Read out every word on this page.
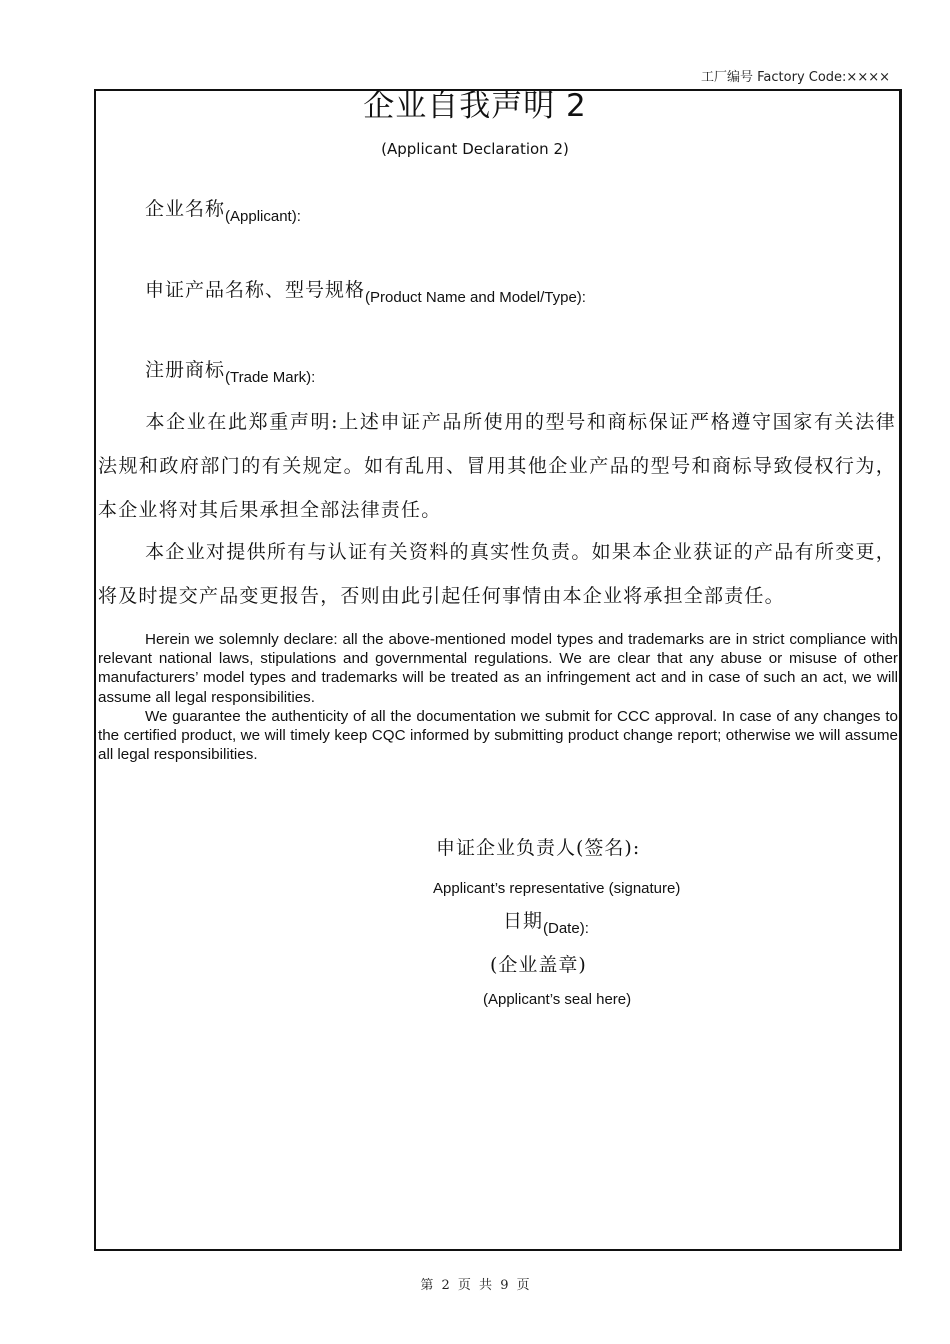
工厂编号 Factory Code:××××
企业自我声明 2
(Applicant Declaration 2)
企业名称$_{(Applicant):}$
申证产品名称、型号规格$_{(Product Name and Model/Type):}$
注册商标$_{(Trade Mark):}$
本企业在此郑重声明:上述申证产品所使用的型号和商标保证严格遵守国家有关法律法规和政府部门的有关规定。如有乱用、冒用其他企业产品的型号和商标导致侵权行为，本企业将对其后果承担全部法律责任。
本企业对提供所有与认证有关资料的真实性负责。如果本企业获证的产品有所变更，将及时提交产品变更报告，否则由此引起任何事情由本企业将承担全部责任。

Herein we solemnly declare: all the above-mentioned model types and trademarks are in strict compliance with relevant national laws, stipulations and governmental regulations. We are clear that any abuse or misuse of other manufacturers’ model types and trademarks will be treated as an infringement act and in case of such an act, we will assume all legal responsibilities.

We guarantee the authenticity of all the documentation we submit for CCC approval. In case of any changes to the certified product, we will timely keep CQC informed by submitting product change report; otherwise we will assume all legal responsibilities.

申证企业负责人(签名):
Applicant’s representative (signature)
日期$_{(Date):}$
(企业盖章)
(Applicant’s seal here)
第 2 页 共 9 页
